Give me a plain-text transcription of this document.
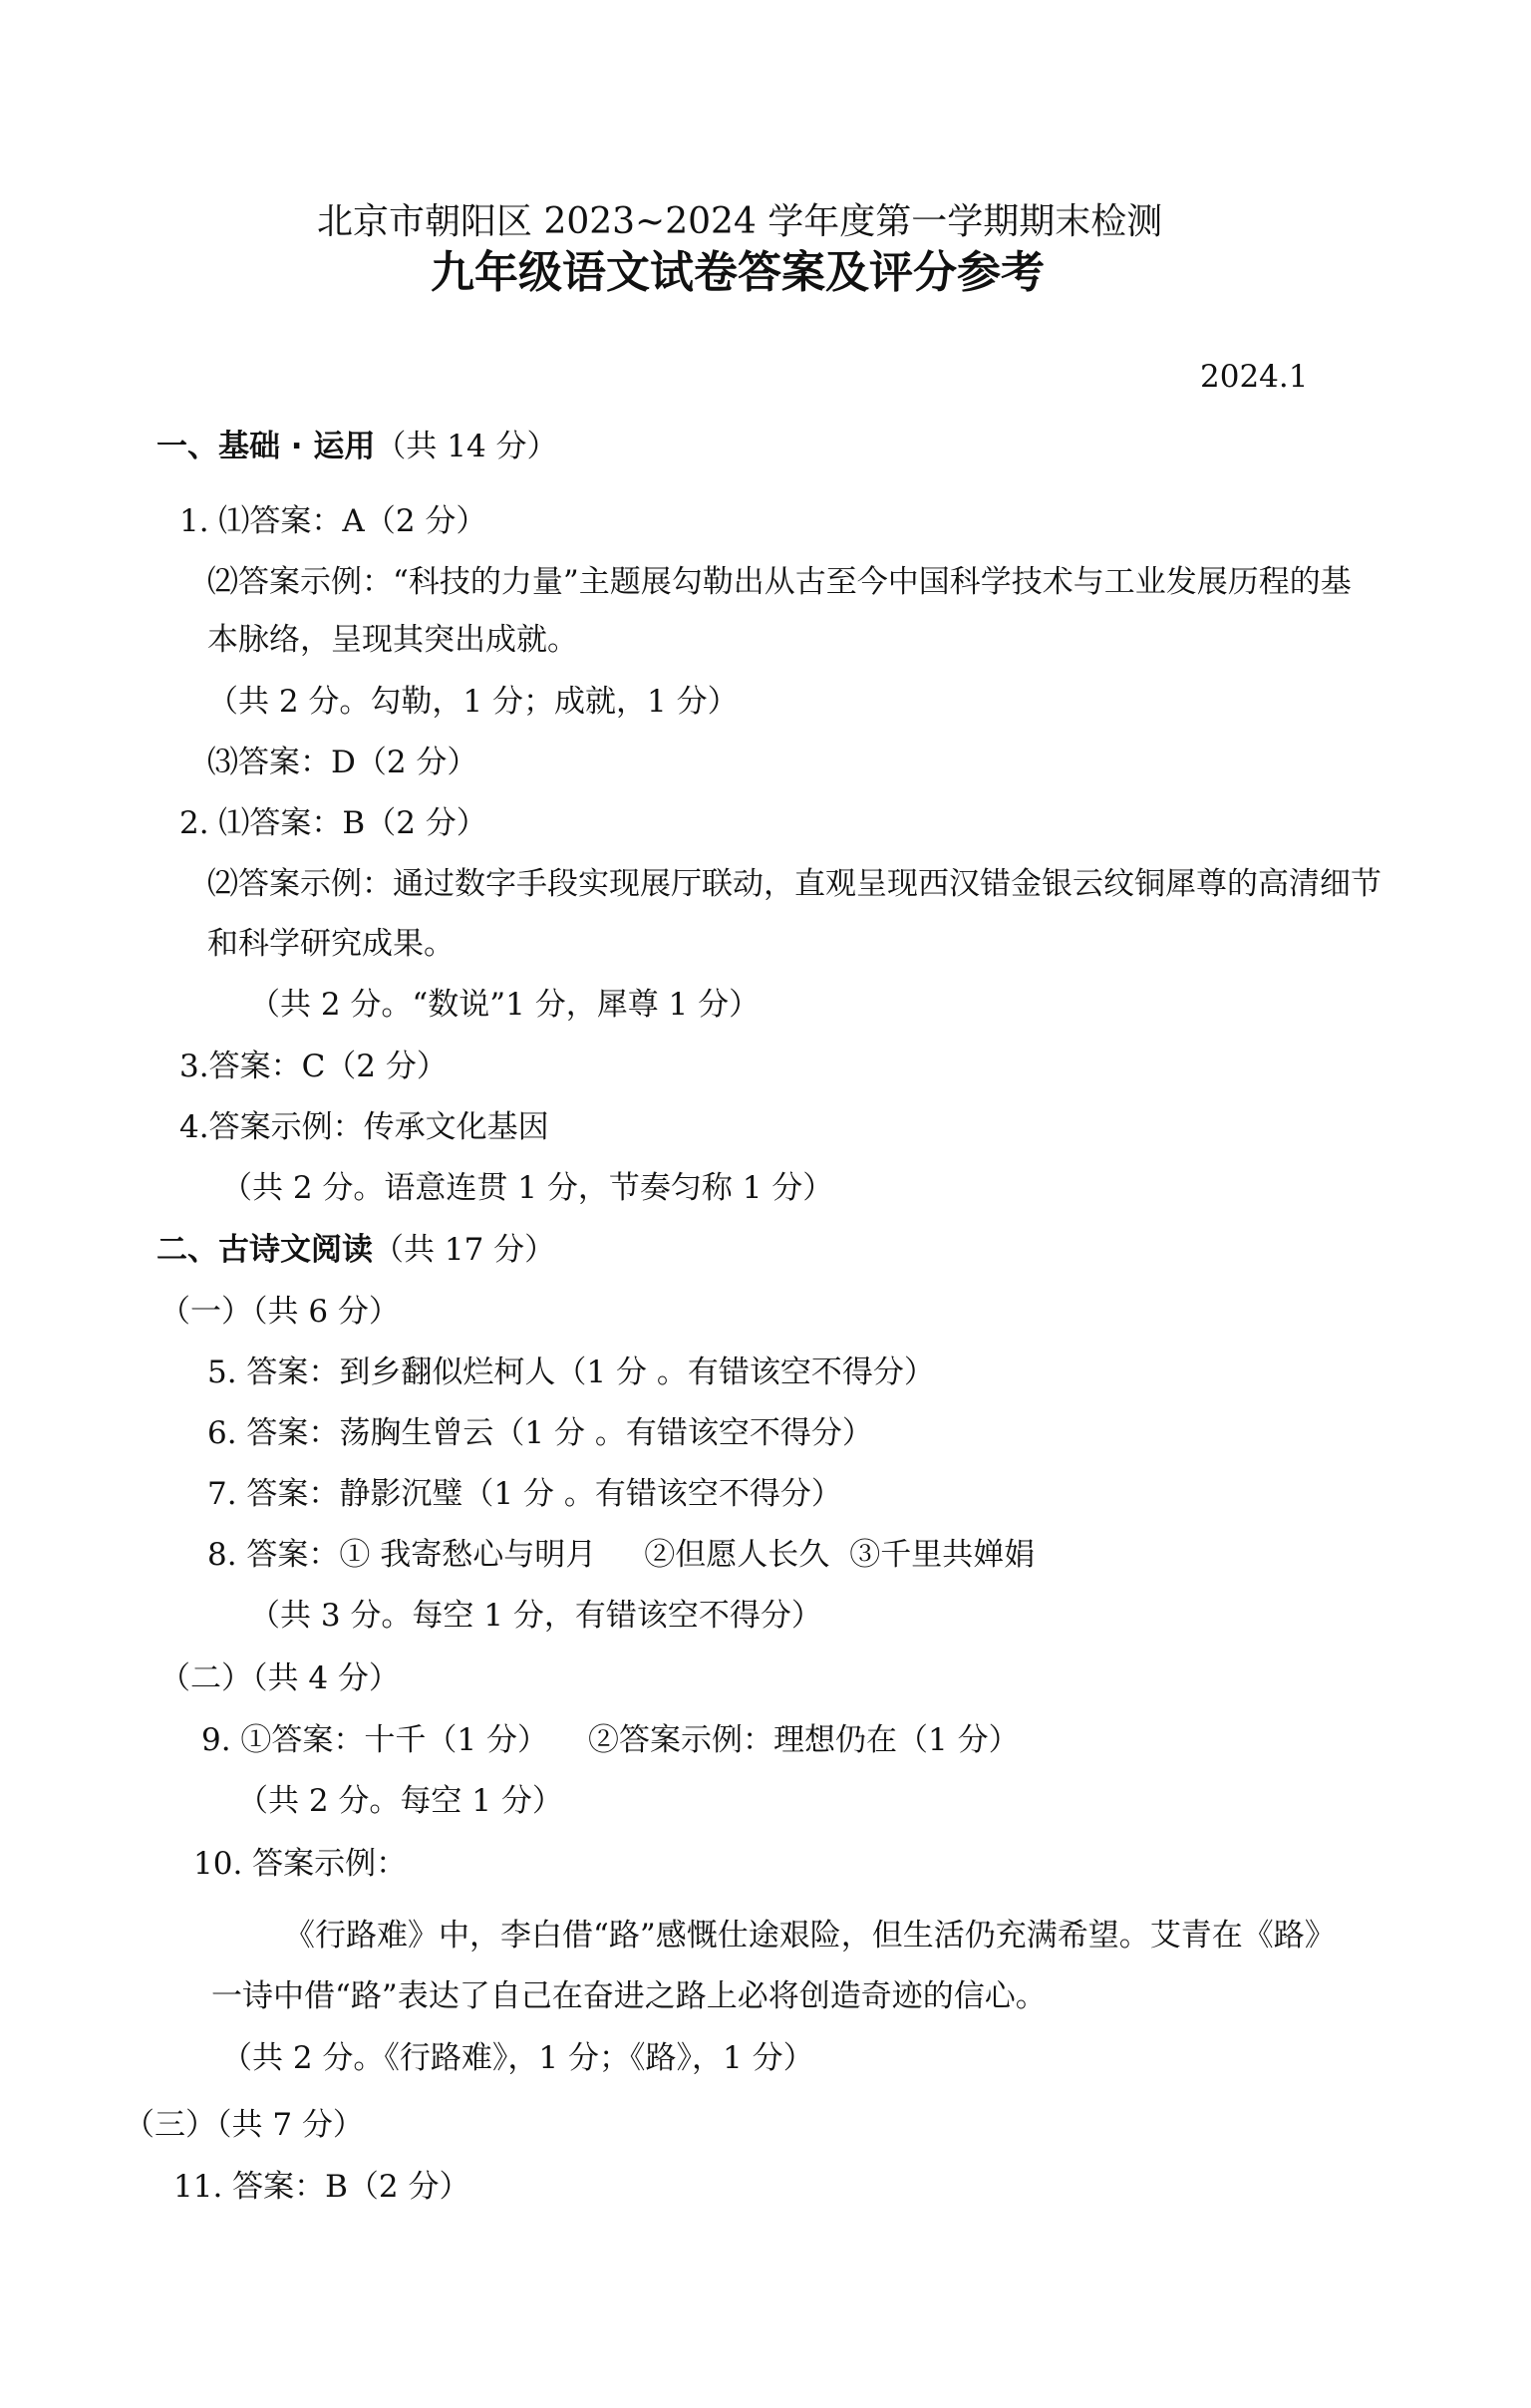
北京市朝阳区 2023~2024 学年度第一学期期末检测
九年级语文试卷答案及评分参考
2024.1
一、基础 · 运用（共 14 分）
1. ⑴答案：A（2 分）
⑵答案示例：“科技的力量”主题展勾勒出从古至今中国科学技术与工业发展历程的基
本脉络，呈现其突出成就。
（共 2 分。勾勒，1 分；成就，1 分）
⑶答案：D（2 分）
2. ⑴答案：B（2 分）
⑵答案示例：通过数字手段实现展厅联动，直观呈现西汉错金银云纹铜犀尊的高清细节
和科学研究成果。
（共 2 分。“数说”1 分，犀尊 1 分）
3.答案：C（2 分）
4.答案示例：传承文化基因
（共 2 分。语意连贯 1 分，节奏匀称 1 分）
二、古诗文阅读（共 17 分）
（一）（共 6 分）
5. 答案：到乡翻似烂柯人（1 分 。有错该空不得分）
6. 答案：荡胸生曾云（1 分 。有错该空不得分）
7. 答案：静影沉璧（1 分 。有错该空不得分）
8. 答案：① 我寄愁心与明月 ②但愿人长久 ③千里共婵娟
（共 3 分。每空 1 分，有错该空不得分）
（二）（共 4 分）
9. ①答案：十千（1 分） ②答案示例：理想仍在（1 分）
（共 2 分。每空 1 分）
10. 答案示例：
《行路难》中，李白借“路”感慨仕途艰险，但生活仍充满希望。艾青在《路》
一诗中借“路”表达了自己在奋进之路上必将创造奇迹的信心。
（共 2 分。《行路难》，1 分；《路》，1 分）
（三）（共 7 分）
11. 答案：B（2 分）
